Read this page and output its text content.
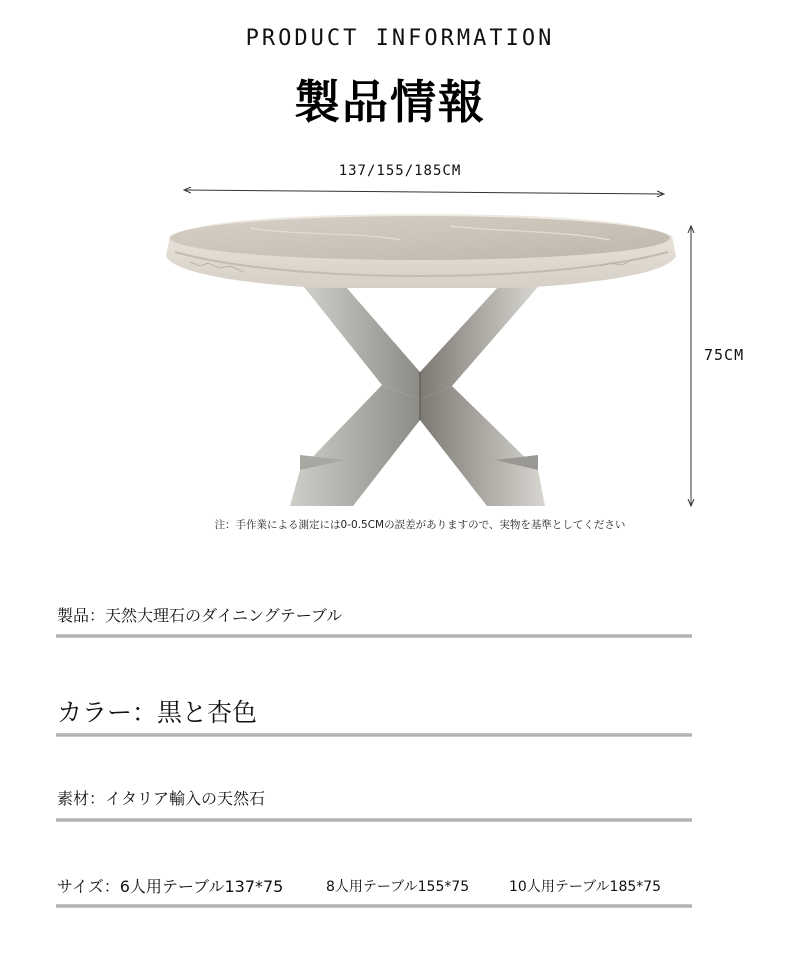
PRODUCT INFORMATION
製品情報
137/155/185CM
75CM
注：手作業による測定には0-0.5CMの誤差がありますので、実物を基準としてください
製品：天然大理石のダイニングテーブル
カラー：黒と杏色
素材：イタリア輸入の天然石
サイズ：6人用テーブル137*75	8人用テーブル155*75	10人用テーブル185*75
